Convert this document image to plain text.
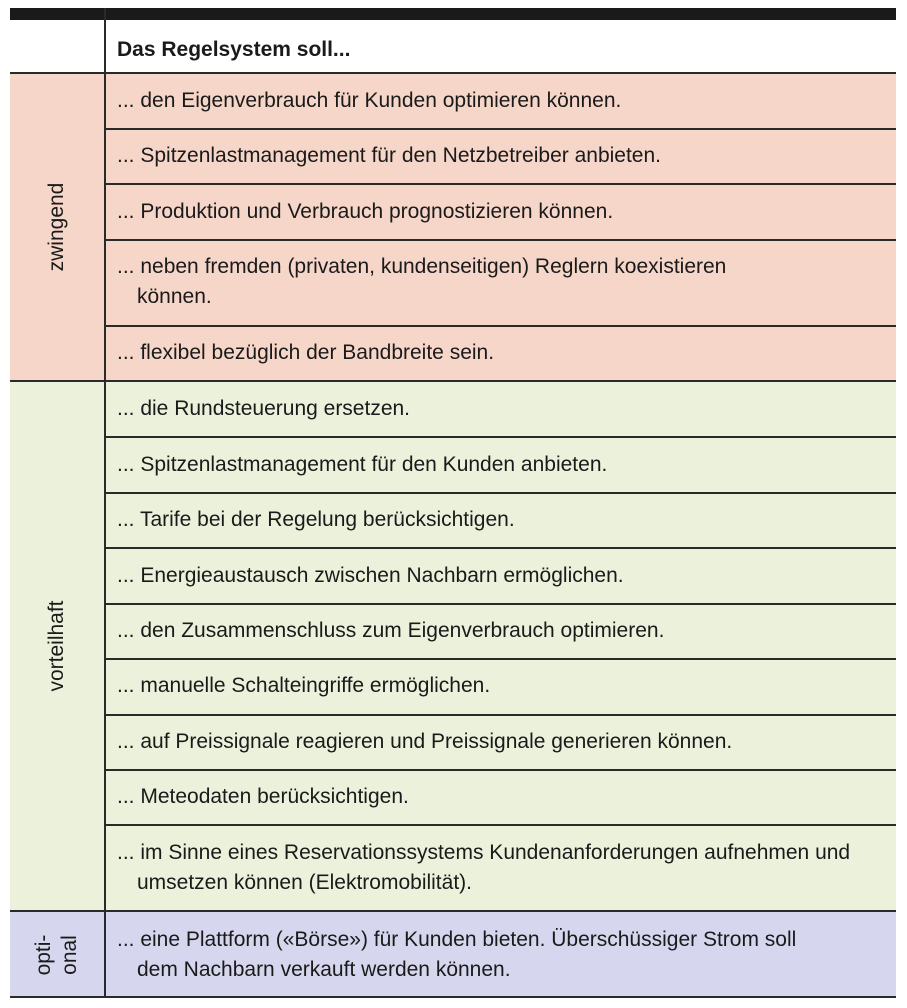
Das Regelsystem soll...
zwingend
... den Eigenverbrauch für Kunden optimieren können.
... Spitzenlastmanagement für den Netzbetreiber anbieten.
... Produktion und Verbrauch prognostizieren können.
... neben fremden (privaten, kundenseitigen) Reglern koexistieren können.
... flexibel bezüglich der Bandbreite sein.
vorteilhaft
... die Rundsteuerung ersetzen.
... Spitzenlastmanagement für den Kunden anbieten.
... Tarife bei der Regelung berücksichtigen.
... Energieaustausch zwischen Nachbarn ermöglichen.
... den Zusammenschluss zum Eigenverbrauch optimieren.
... manuelle Schalteingriffe ermöglichen.
... auf Preissignale reagieren und Preissignale generieren können.
... Meteodaten berücksichtigen.
... im Sinne eines Reservationssystems Kundenanforderungen aufnehmen und umsetzen können (Elektromobilität).
opti-
onal ... eine Plattform («Börse») für Kunden bieten. Überschüssiger Strom soll dem Nachbarn verkauft werden können.
